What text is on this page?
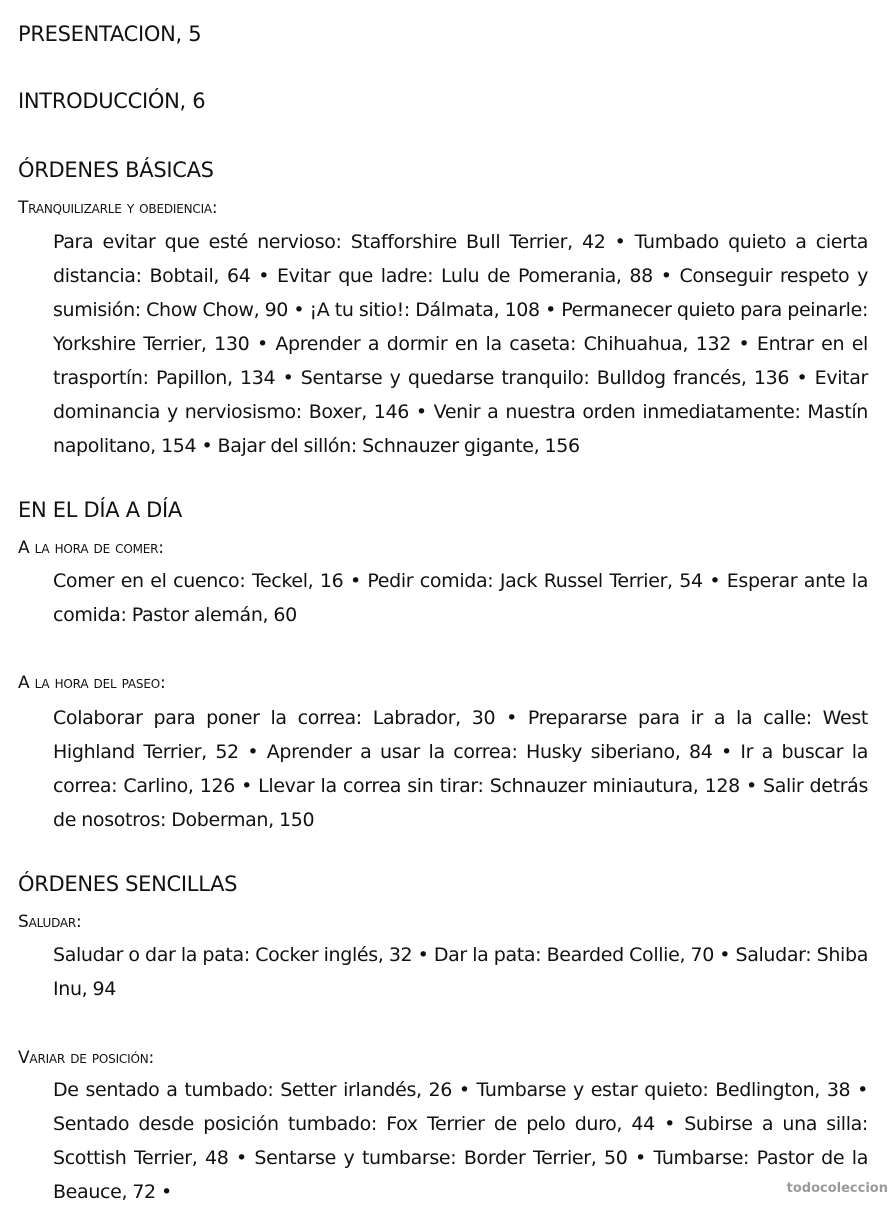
PRESENTACION, 5
INTRODUCCIÓN, 6
ÓRDENES BÁSICAS
Tranquilizarle y obediencia:
Para evitar que esté nervioso: Stafforshire Bull Terrier, 42 • Tumbado quieto a cierta distancia: Bobtail, 64 • Evitar que ladre: Lulu de Pomerania, 88 • Conseguir respeto y sumisión: Chow Chow, 90 • ¡A tu sitio!: Dálmata, 108 • Permanecer quieto para peinarle: Yorkshire Terrier, 130 • Aprender a dormir en la caseta: Chihuahua, 132 • Entrar en el trasportín: Papillon, 134 • Sentarse y quedarse tranquilo: Bulldog francés, 136 • Evitar dominancia y nerviosismo: Boxer, 146 • Venir a nuestra orden inmediatamente: Mastín napolitano, 154 • Bajar del sillón: Schnauzer gigante, 156
EN EL DÍA A DÍA
A la hora de comer:
Comer en el cuenco: Teckel, 16 • Pedir comida: Jack Russel Terrier, 54 • Esperar ante la comida: Pastor alemán, 60
A la hora del paseo:
Colaborar para poner la correa: Labrador, 30 • Prepararse para ir a la calle: West Highland Terrier, 52 • Aprender a usar la correa: Husky siberiano, 84 • Ir a buscar la correa: Carlino, 126 • Llevar la correa sin tirar: Schnauzer miniautura, 128 • Salir detrás de nosotros: Doberman, 150
ÓRDENES SENCILLAS
Saludar:
Saludar o dar la pata: Cocker inglés, 32 • Dar la pata: Bearded Collie, 70 • Saludar: Shiba Inu, 94
Variar de posición:
De sentado a tumbado: Setter irlandés, 26 • Tumbarse y estar quieto: Bedlington, 38 • Sentado desde posición tumbado: Fox Terrier de pelo duro, 44 • Subirse a una silla: Scottish Terrier, 48 • Sentarse y tumbarse: Border Terrier, 50 • Tumbarse: Pastor de la Beauce, 72 •	todocoleccion
